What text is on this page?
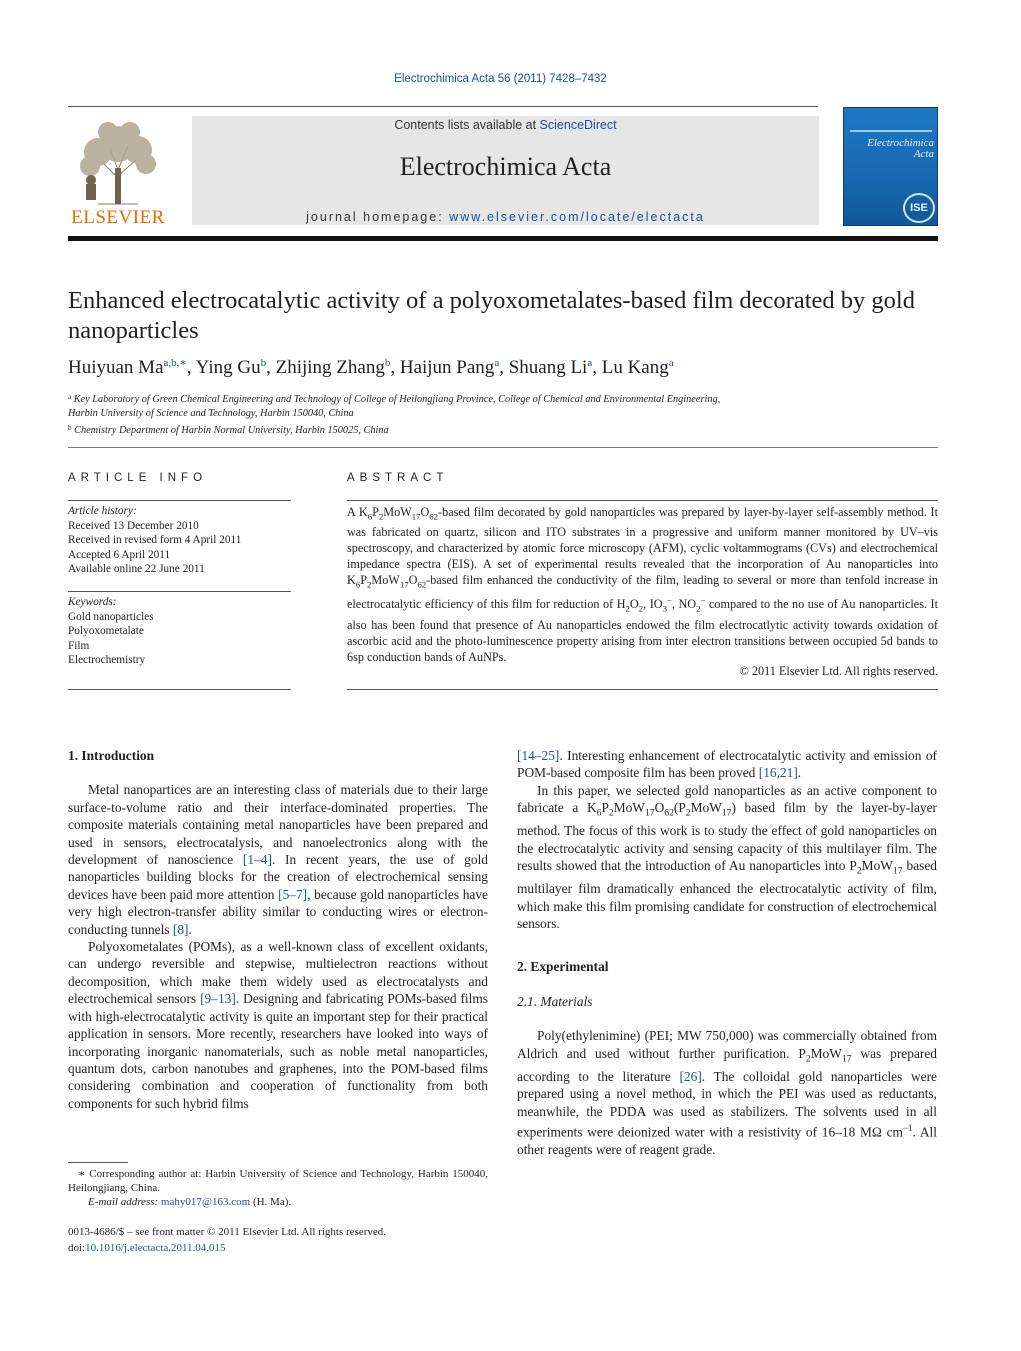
Electrochimica Acta 56 (2011) 7428–7432
ELSEVIER
Contents lists available at ScienceDirect
Electrochimica Acta
journal homepage: www.elsevier.com/locate/electacta
Electrochimica Acta
ISE
Enhanced electrocatalytic activity of a polyoxometalates-based film decorated by gold nanoparticles
Huiyuan $Ma^{a,b,∗}$, Ying Gu$^b$, Zhijing Zhang$^b$, Haijun Pang$^a$, Shuang Li$^a$, Lu Kang$^a$
$^a$ Key Laboratory of Green Chemical Engineering and Technology of College of Heilongjiang Province, College of Chemical and Environmental Engineering,
Harbin University of Science and Technology, Harbin 150040, China
$^b$ Chemistry Department of Harbin Normal University, Harbin 150025, China
ARTICLE INFO
Article history:
Received 13 December 2010
Received in revised form 4 April 2011
Accepted 6 April 2011
Available online 22 June 2011
Keywords:
Gold nanoparticles
Polyoxometalate
Film
Electrochemistry
ABSTRACT
A $K_6P_2MoW_{17}O_{62}$-based film decorated by gold nanoparticles was prepared by layer-by-layer self-assembly method. It was fabricated on quartz, silicon and ITO substrates in a progressive and uniform manner monitored by UV–vis spectroscopy, and characterized by atomic force microscopy (AFM), cyclic voltammograms (CVs) and electrochemical impedance spectra (EIS). A set of experimental results revealed that the incorporation of Au nanoparticles into $K_6P_2MoW_{17}O_{62}$-based film enhanced the conductivity of the film, leading to several or more than tenfold increase in electrocatalytic efficiency of this film for reduction of $H_2O_2$, $IO_3^-$, $NO_2^-$ compared to the no use of Au nanoparticles. It also has been found that presence of Au nanoparticles endowed the film electrocatlytic activity towards oxidation of ascorbic acid and the photo-luminescence property arising from inter electron transitions between occupied 5d bands to 6sp conduction bands of AuNPs.
© 2011 Elsevier Ltd. All rights reserved.
1. Introduction

Metal nanopartices are an interesting class of materials due to their large surface-to-volume ratio and their interface-dominated properties. The composite materials containing metal nanoparticles have been prepared and used in sensors, electrocatalysis, and nanoelectronics along with the development of nanoscience [1–4]. In recent years, the use of gold nanoparticles building blocks for the creation of electrochemical sensing devices have been paid more attention [5–7], because gold nanoparticles have very high electron-transfer ability similar to conducting wires or electron-conducting tunnels [8].

Polyoxometalates (POMs), as a well-known class of excellent oxidants, can undergo reversible and stepwise, multielectron reactions without decomposition, which make them widely used as electrocatalysts and electrochemical sensors [9–13]. Designing and fabricating POMs-based films with high-electrocatalytic activity is quite an important step for their practical application in sensors. More recently, researchers have looked into ways of incorporating inorganic nanomaterials, such as noble metal nanoparticles, quantum dots, carbon nanotubes and graphenes, into the POM-based films considering combination and cooperation of functionality from both components for such hybrid films

[14–25]. Interesting enhancement of electrocatalytic activity and emission of POM-based composite film has been proved [16,21].

In this paper, we selected gold nanoparticles as an active component to fabricate a $K_6P_2MoW_{17}O_{62}(P_2MoW_{17})$ based film by the layer-by-layer method. The focus of this work is to study the effect of gold nanoparticles on the electrocatalytic activity and sensing capacity of this multilayer film. The results showed that the introduction of Au nanoparticles into $P_2MoW_{17}$ based multilayer film dramatically enhanced the electrocatalytic activity of film, which make this film promising candidate for construction of electrochemical sensors.

2. Experimental
2.1. Materials

Poly(ethylenimine) (PEI; MW 750,000) was commercially obtained from Aldrich and used without further purification. $P_2MoW_{17}$ was prepared according to the literature [26]. The colloidal gold nanoparticles were prepared using a novel method, in which the PEI was used as reductants, meanwhile, the PDDA was used as stabilizers. The solvents used in all experiments were deionized water with a resistivity of 16–18 MΩ $cm^{-1}$. All other reagents were of reagent grade.

∗ Corresponding author at: Harbin University of Science and Technology, Harbin 150040, Heilongjiang, China.
E-mail address: mahy017@163.com (H. Ma).
0013-4686/$ – see front matter © 2011 Elsevier Ltd. All rights reserved.
doi:10.1016/j.electacta.2011.04.015
